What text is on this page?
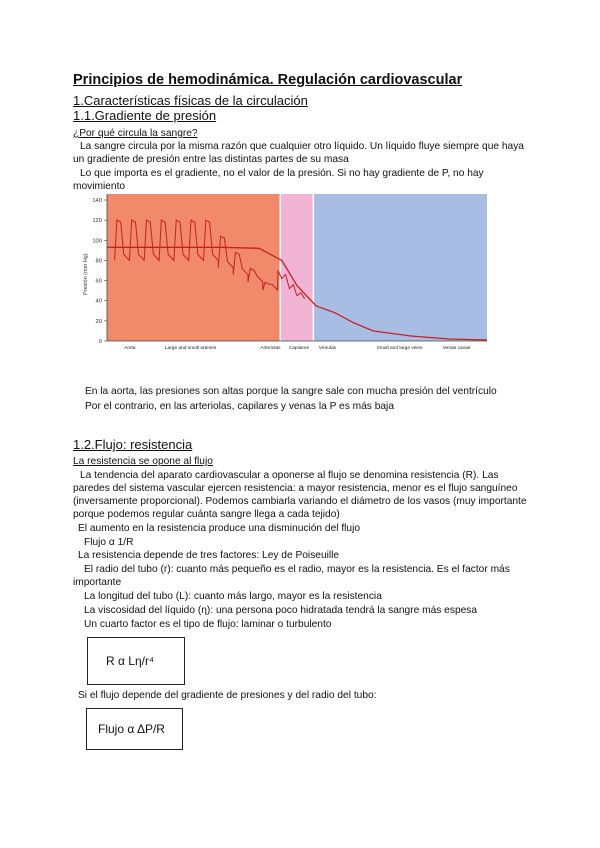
Principios de hemodinámica. Regulación cardiovascular
1.Características físicas de la circulación
1.1.Gradiente de presión
¿Por qué circula la sangre?
La sangre circula por la misma razón que cualquier otro líquido. Un líquido fluye siempre que haya
un gradiente de presión entre las distintas partes de su masa
Lo que importa es el gradiente, no el valor de la presión. Si no hay gradiente de P, no hay
movimiento
0
20
40
60
80
100
120
140
Aorta	Large and small arteries	Arteriolas Capilares Vénulas	Small and large veins	Venae cavae
Presión (mm Hg)
En la aorta, las presiones son altas porque la sangre sale con mucha presión del ventrículo
Por el contrario, en las arteriolas, capilares y venas la P es más baja
1.2.Flujo: resistencia
La resistencia se opone al flujo
La tendencia del aparato cardiovascular a oponerse al flujo se denomina resistencia (R). Las
paredes del sistema vascular ejercen resistencia: a mayor resistencia, menor es el flujo sanguíneo
(inversamente proporcional). Podemos cambiarla variando el diámetro de los vasos (muy importante
porque podemos regular cuánta sangre llega a cada tejido)
El aumento en la resistencia produce una disminución del flujo
Flujo α 1/R
La resistencia depende de tres factores: Ley de Poiseuille
El radio del tubo (r): cuanto más pequeño es el radio, mayor es la resistencia. Es el factor más
importante
La longitud del tubo (L): cuanto más largo, mayor es la resistencia
La viscosidad del líquido (η): una persona poco hidratada tendrá la sangre más espesa
Un cuarto factor es el tipo de flujo: laminar o turbulento
R α Lη/r⁴
Si el flujo depende del gradiente de presiones y del radio del tubo:
Flujo α ΔP/R
